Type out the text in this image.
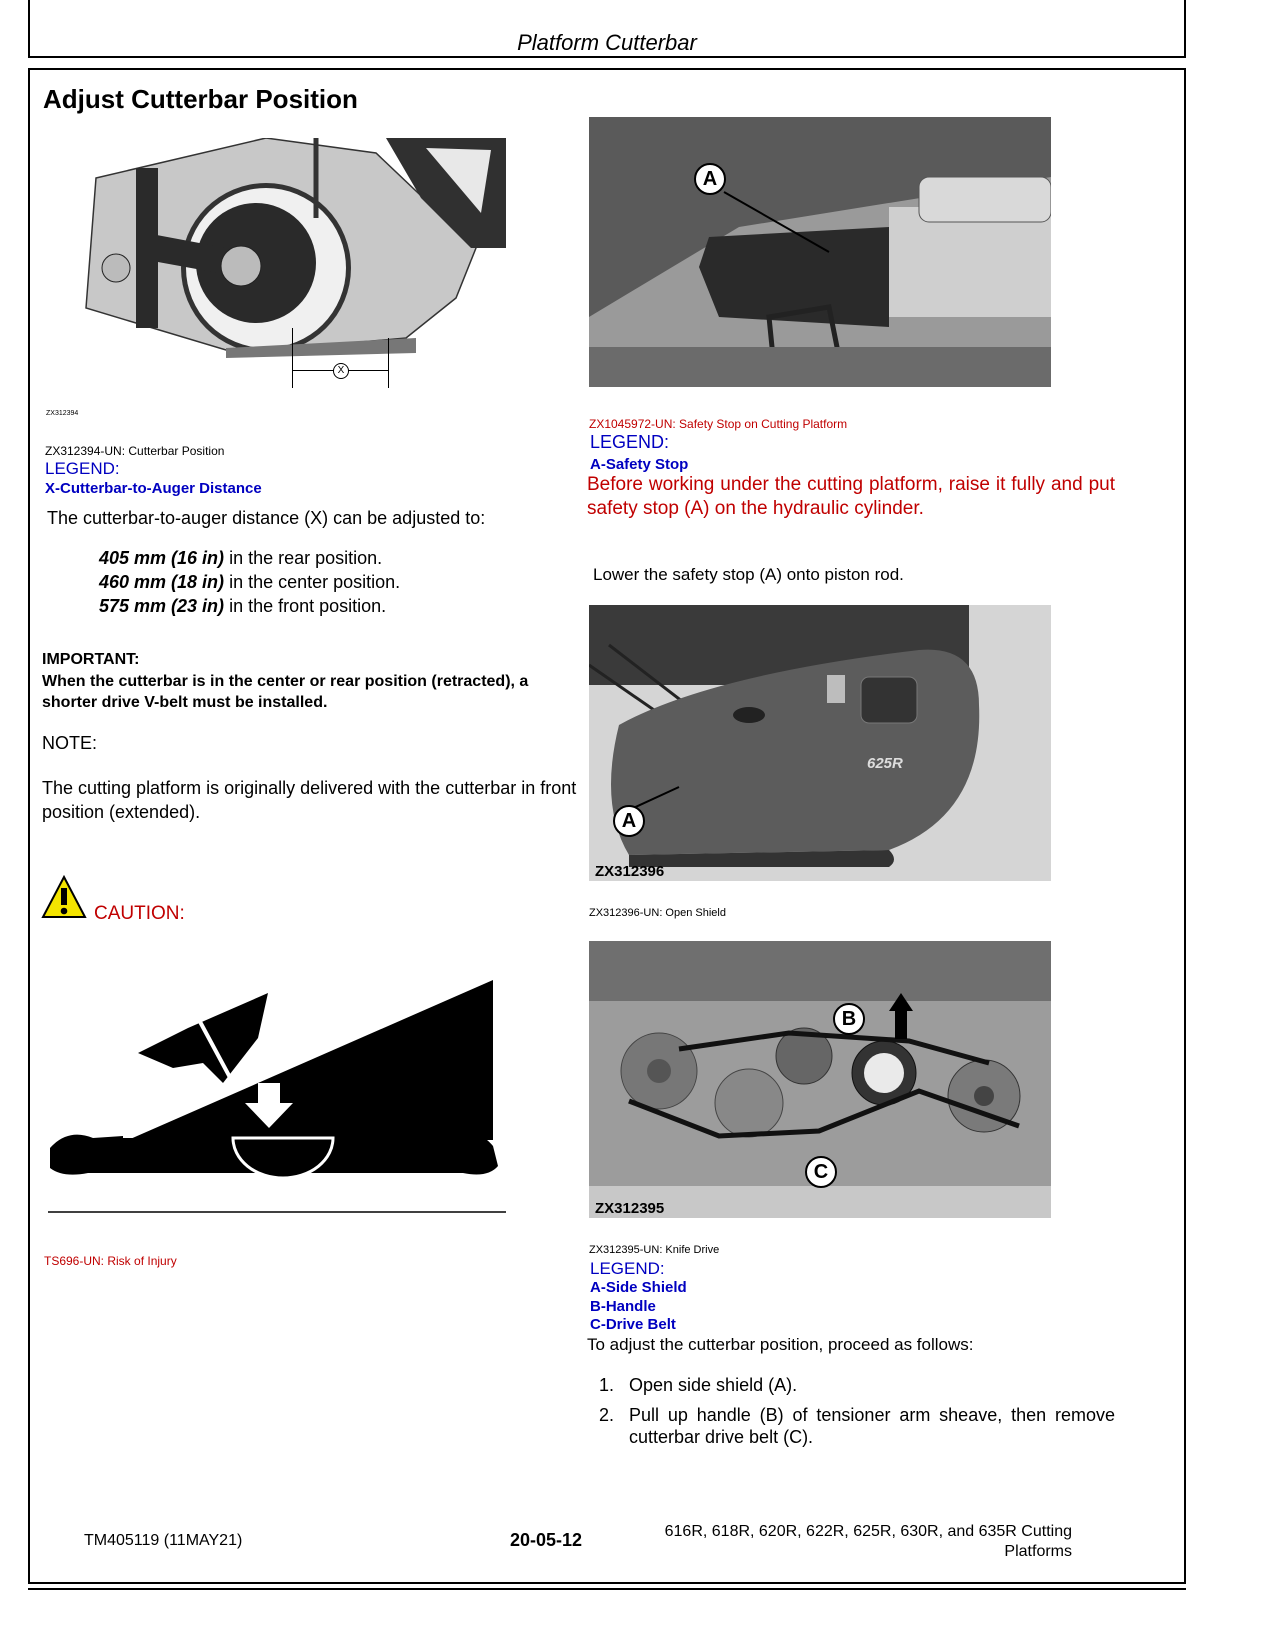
Platform Cutterbar
Adjust Cutterbar Position
X
ZX312394
ZX312394-UN: Cutterbar Position
LEGEND:
X-Cutterbar-to-Auger Distance
The cutterbar-to-auger distance (X) can be adjusted to:
405 mm (16 in) in the rear position.
460 mm (18 in) in the center position.
575 mm (23 in) in the front position.
IMPORTANT:
When the cutterbar is in the center or rear position (retracted), a shorter drive V-belt must be installed.
NOTE:
The cutting platform is originally delivered with the cutterbar in front position (extended).
CAUTION:
TS696-UN: Risk of Injury
A
ZX1045972-UN: Safety Stop on Cutting Platform
LEGEND:
A-Safety Stop
Before working under the cutting platform, raise it fully and put safety stop (A) on the hydraulic cylinder.
Lower the safety stop (A) onto piston rod.
625R
A
ZX312396
ZX312396-UN: Open Shield
B
C
ZX312395
ZX312395-UN: Knife Drive
LEGEND:
A-Side Shield
B-Handle
C-Drive Belt
To adjust the cutterbar position, proceed as follows:
1. Open side shield (A).
2. Pull up handle (B) of tensioner arm sheave, then remove cutterbar drive belt (C).
TM405119 (11MAY21)	20-05-12	616R, 618R, 620R, 622R, 625R, 630R, and 635R Cutting
Platforms
